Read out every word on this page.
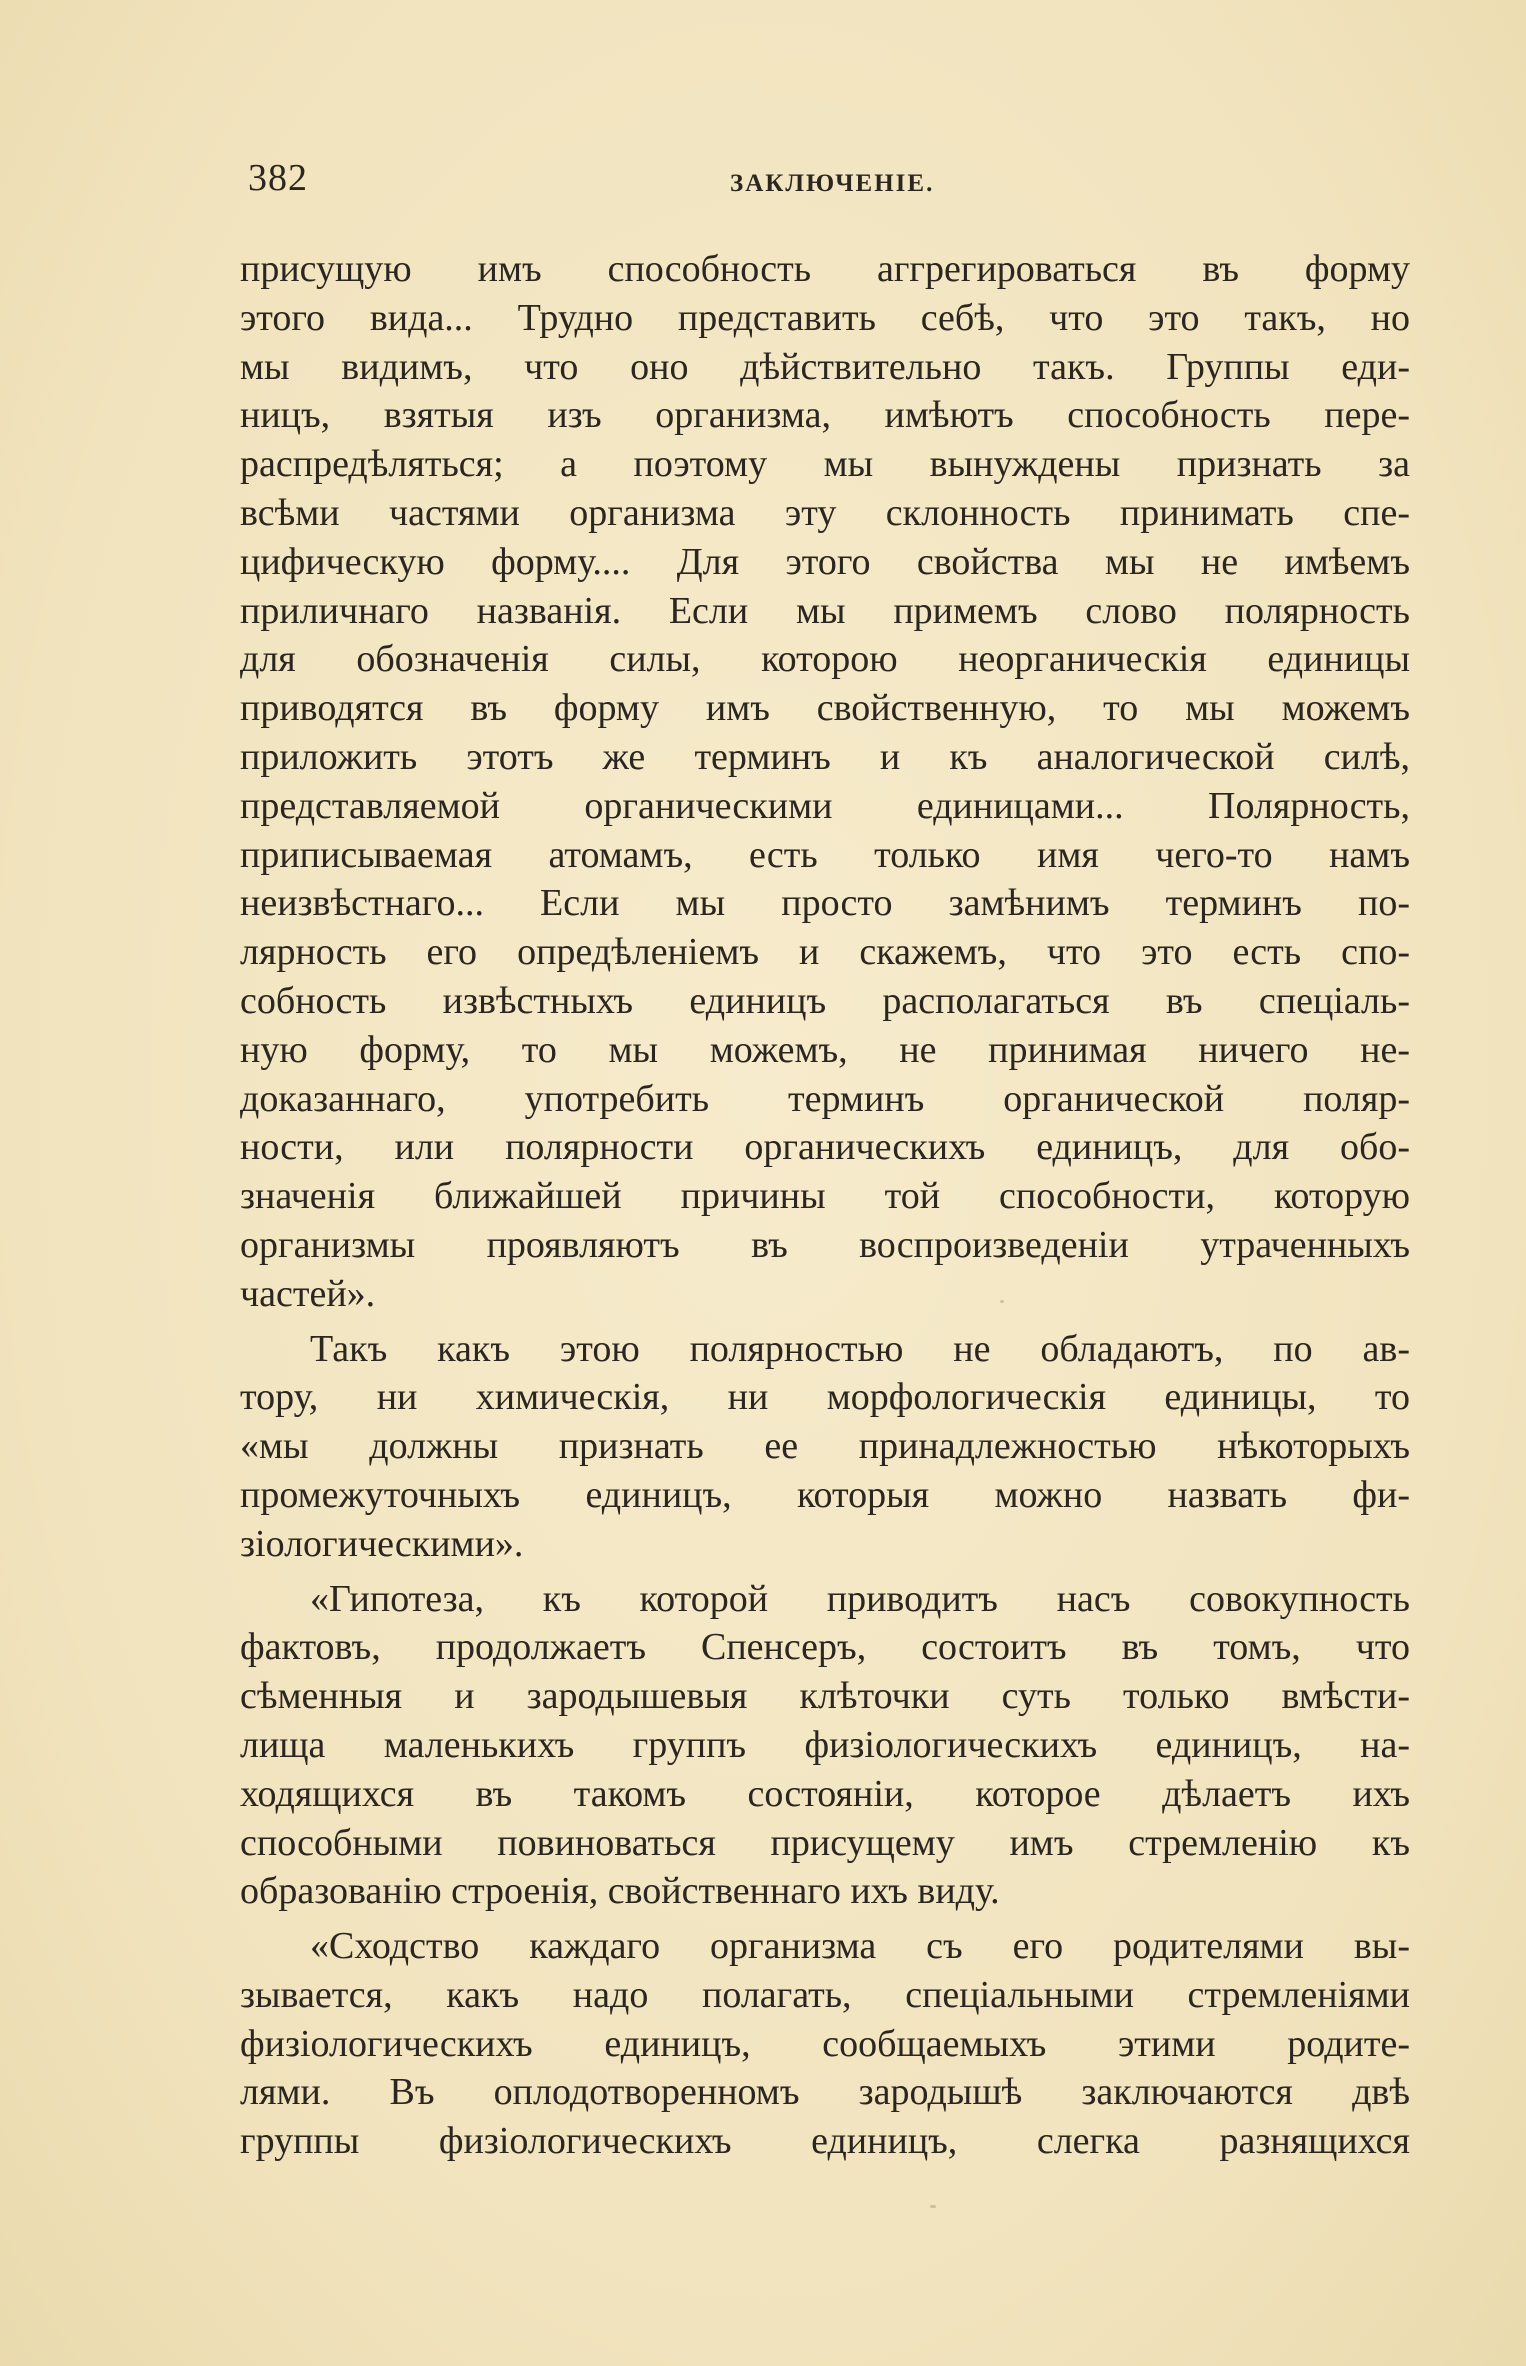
382	ЗАКЛЮЧЕНІЕ.
присущую имъ способность аггрегироваться въ форму
этого вида... Трудно представить себѣ, что это такъ, но
мы видимъ, что оно дѣйствительно такъ. Группы еди-
ницъ, взятыя изъ организма, имѣютъ способность пере-
распредѣляться; а поэтому мы вынуждены признать за
всѣми частями организма эту склонность принимать спе-
цифическую форму.... Для этого свойства мы не имѣемъ
приличнаго названія. Если мы примемъ слово полярность
для обозначенія силы, которою неорганическія единицы
приводятся въ форму имъ свойственную, то мы можемъ
приложить этотъ же терминъ и къ аналогической силѣ,
представляемой органическими единицами... Полярность,
приписываемая атомамъ, есть только имя чего-то намъ
неизвѣстнаго... Если мы просто замѣнимъ терминъ по-
лярность его опредѣленіемъ и скажемъ, что это есть спо-
собность извѣстныхъ единицъ располагаться въ спеціаль-
ную форму, то мы можемъ, не принимая ничего не-
доказаннаго, употребить терминъ органической поляр-
ности, или полярности органическихъ единицъ, для обо-
значенія ближайшей причины той способности, которую
организмы проявляютъ въ воспроизведеніи утраченныхъ
частей».
Такъ какъ этою полярностью не обладаютъ, по ав-
тору, ни химическія, ни морфологическія единицы, то
«мы должны признать ее принадлежностью нѣкоторыхъ
промежуточныхъ единицъ, которыя можно назвать фи-
зіологическими».
«Гипотеза, къ которой приводитъ насъ совокупность
фактовъ, продолжаетъ Спенсеръ, состоитъ въ томъ, что
сѣменныя и зародышевыя клѣточки суть только вмѣсти-
лища маленькихъ группъ физіологическихъ единицъ, на-
ходящихся въ такомъ состояніи, которое дѣлаетъ ихъ
способными повиноваться присущему имъ стремленію къ
образованію строенія, свойственнаго ихъ виду.
«Сходство каждаго организма съ его родителями вы-
зывается, какъ надо полагать, спеціальными стремленіями
физіологическихъ единицъ, сообщаемыхъ этими родите-
лями. Въ оплодотворенномъ зародышѣ заключаются двѣ
группы физіологическихъ единицъ, слегка разнящихся
